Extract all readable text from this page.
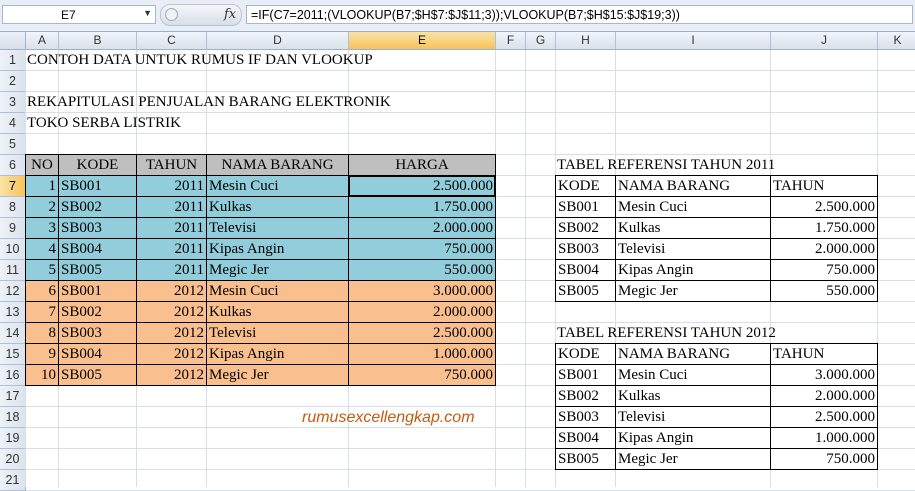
E7	▼	fx	=IF(C7=2011;(VLOOKUP(B7;$H$7:$J$11;3));VLOOKUP(B7;$H$15:$J$19;3))
A	B	C	D	E	F	G	H	I	J	K
1
2
3
4
5
6
7
8
9
10
11
12
13
14
15
16
17
18
19
20
21
CONTOH DATA UNTUK RUMUS IF DAN VLOOKUP
REKAPITULASI PENJUALAN BARANG ELEKTRONIK
TOKO SERBA LISTRIK
NO	KODE	TAHUN	NAMA BARANG	HARGA
1 SB001	2011 Mesin Cuci	2.500.000
2 SB002	2011 Kulkas	1.750.000
3 SB003	2011 Televisi	2.000.000
4 SB004	2011 Kipas Angin	750.000
5 SB005	2011 Megic Jer	550.000
6 SB001	2012 Mesin Cuci	3.000.000
7 SB002	2012 Kulkas	2.000.000
8 SB003	2012 Televisi	2.500.000
9 SB004	2012 Kipas Angin	1.000.000
10 SB005	2012 Megic Jer	750.000
TABEL REFERENSI TAHUN 2011
KODE	NAMA BARANG	TAHUN
SB001	Mesin Cuci	2.500.000
SB002	Kulkas	1.750.000
SB003	Televisi	2.000.000
SB004	Kipas Angin	750.000
SB005	Megic Jer	550.000
TABEL REFERENSI TAHUN 2012
KODE	NAMA BARANG	TAHUN
SB001	Mesin Cuci	3.000.000
SB002	Kulkas	2.000.000
SB003	Televisi	2.500.000
SB004	Kipas Angin	1.000.000
SB005	Megic Jer	750.000
rumusexcellengkap.com
